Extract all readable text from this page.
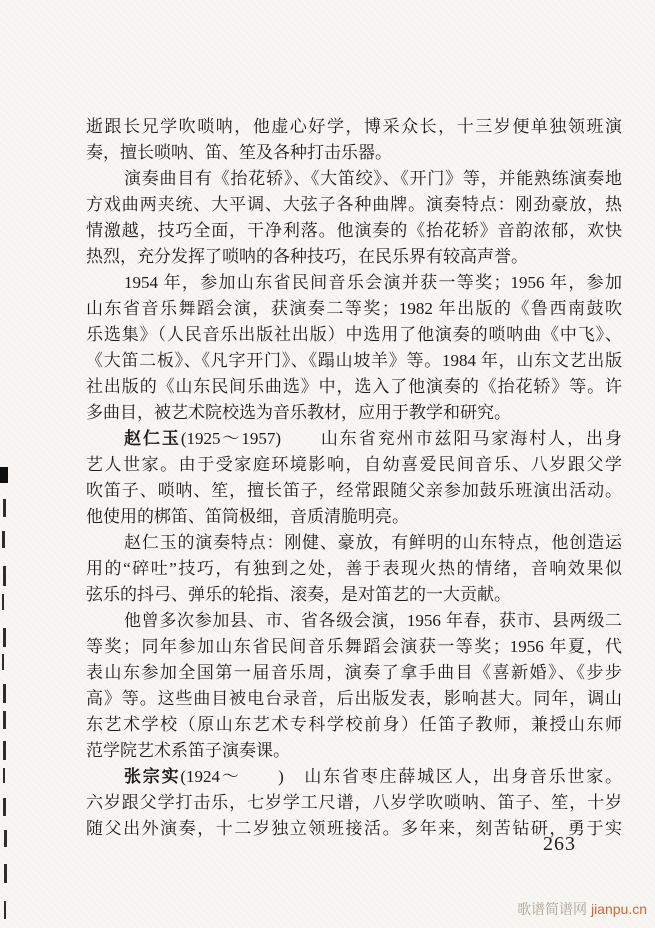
逝跟长兄学吹唢呐，他虚心好学，博采众长，十三岁便单独领班演
奏，擅长唢呐、笛、笙及各种打击乐器。
演奏曲目有《抬花轿》、《大笛绞》、《开门》等，并能熟练演奏地
方戏曲两夹统、大平调、大弦子各种曲牌。演奏特点：刚劲豪放，热
情激越，技巧全面，干净利落。他演奏的《抬花轿》音韵浓郁，欢快
热烈，充分发挥了唢呐的各种技巧，在民乐界有较高声誉。
1954 年，参加山东省民间音乐会演并获一等奖；1956 年，参加
山东省音乐舞蹈会演，获演奏二等奖；1982 年出版的《鲁西南鼓吹
乐选集》（人民音乐出版社出版）中选用了他演奏的唢呐曲《中飞》、
《大笛二板》、《凡字开门》、《蹋山坡羊》等。1984 年，山东文艺出版
社出版的《山东民间乐曲选》中，选入了他演奏的《抬花轿》等。许
多曲目，被艺术院校选为音乐教材，应用于教学和研究。
赵仁玉(1925～1957)　　山东省兖州市兹阳马家海村人，出身
艺人世家。由于受家庭环境影响，自幼喜爱民间音乐、八岁跟父学
吹笛子、唢呐、笙，擅长笛子，经常跟随父亲参加鼓乐班演出活动。
他使用的梆笛、笛筒极细，音质清脆明亮。
赵仁玉的演奏特点：刚健、豪放，有鲜明的山东特点，他创造运
用的“碎吐”技巧，有独到之处，善于表现火热的情绪，音响效果似
弦乐的抖弓、弹乐的轮指、滚奏，是对笛艺的一大贡献。
他曾多次参加县、市、省各级会演，1956 年春，获市、县两级二
等奖；同年参加山东省民间音乐舞蹈会演获一等奖；1956 年夏，代
表山东参加全国第一届音乐周，演奏了拿手曲目《喜新婚》、《步步
高》等。这些曲目被电台录音，后出版发表，影响甚大。同年，调山
东艺术学校（原山东艺术专科学校前身）任笛子教师，兼授山东师
范学院艺术系笛子演奏课。
张宗实(1924～　　)　山东省枣庄薛城区人，出身音乐世家。
六岁跟父学打击乐，七岁学工尺谱，八岁学吹唢呐、笛子、笙，十岁
随父出外演奏，十二岁独立领班接活。多年来，刻苦钻研，勇于实
263
歌谱简谱网 jianpu.cn
